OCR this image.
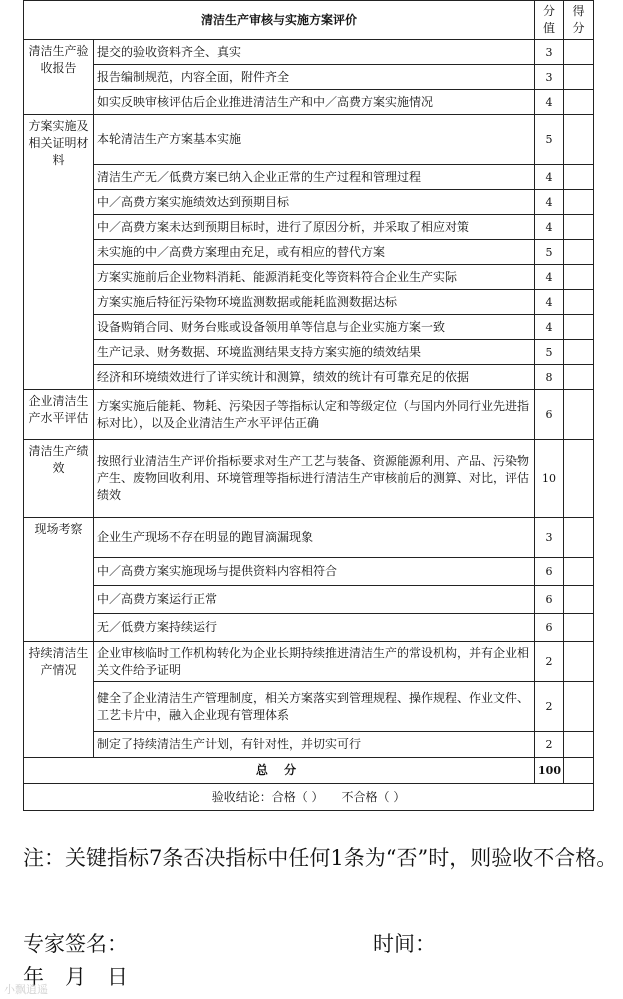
清洁生产审核与实施方案评价		分值	得分
清洁生产验收报告	提交的验收资料齐全、真实	3	
	报告编制规范，内容全面，附件齐全	3	
	如实反映审核评估后企业推进清洁生产和中／高费方案实施情况	4	
方案实施及相关证明材料	本轮清洁生产方案基本实施	5	
	清洁生产无／低费方案已纳入企业正常的生产过程和管理过程	4	
	中／高费方案实施绩效达到预期目标	4	
	中／高费方案未达到预期目标时，进行了原因分析，并采取了相应对策	4	
	未实施的中／高费方案理由充足，或有相应的替代方案	5	
	方案实施前后企业物料消耗、能源消耗变化等资料符合企业生产实际	4	
	方案实施后特征污染物环境监测数据或能耗监测数据达标	4	
	设备购销合同、财务台账或设备领用单等信息与企业实施方案一致	4	
	生产记录、财务数据、环境监测结果支持方案实施的绩效结果	5	
	经济和环境绩效进行了详实统计和测算，绩效的统计有可靠充足的依据	8	
企业清洁生产水平评估	方案实施后能耗、物耗、污染因子等指标认定和等级定位（与国内外同行业先进指标对比），以及企业清洁生产水平评估正确	6	
清洁生产绩效	按照行业清洁生产评价指标要求对生产工艺与装备、资源能源利用、产品、污染物产生、废物回收利用、环境管理等指标进行清洁生产审核前后的测算、对比，评估绩效	10	
现场考察	企业生产现场不存在明显的跑冒滴漏现象	3	
	中／高费方案实施现场与提供资料内容相符合	6	
	中／高费方案运行正常	6	
	无／低费方案持续运行	6	
持续清洁生产情况	企业审核临时工作机构转化为企业长期持续推进清洁生产的常设机构，并有企业相关文件给予证明	2	
	健全了企业清洁生产管理制度，相关方案落实到管理规程、操作规程、作业文件、工艺卡片中，融入企业现有管理体系	2	
	制定了持续清洁生产计划，有针对性，并切实可行	2	
总 分		100	
验收结论：合格（ ）　　不合格（ ）			
注：关键指标7条否决指标中任何1条为“否”时，则验收不合格。
专家签名：	时间：
年　月　日
小飘逍遥
